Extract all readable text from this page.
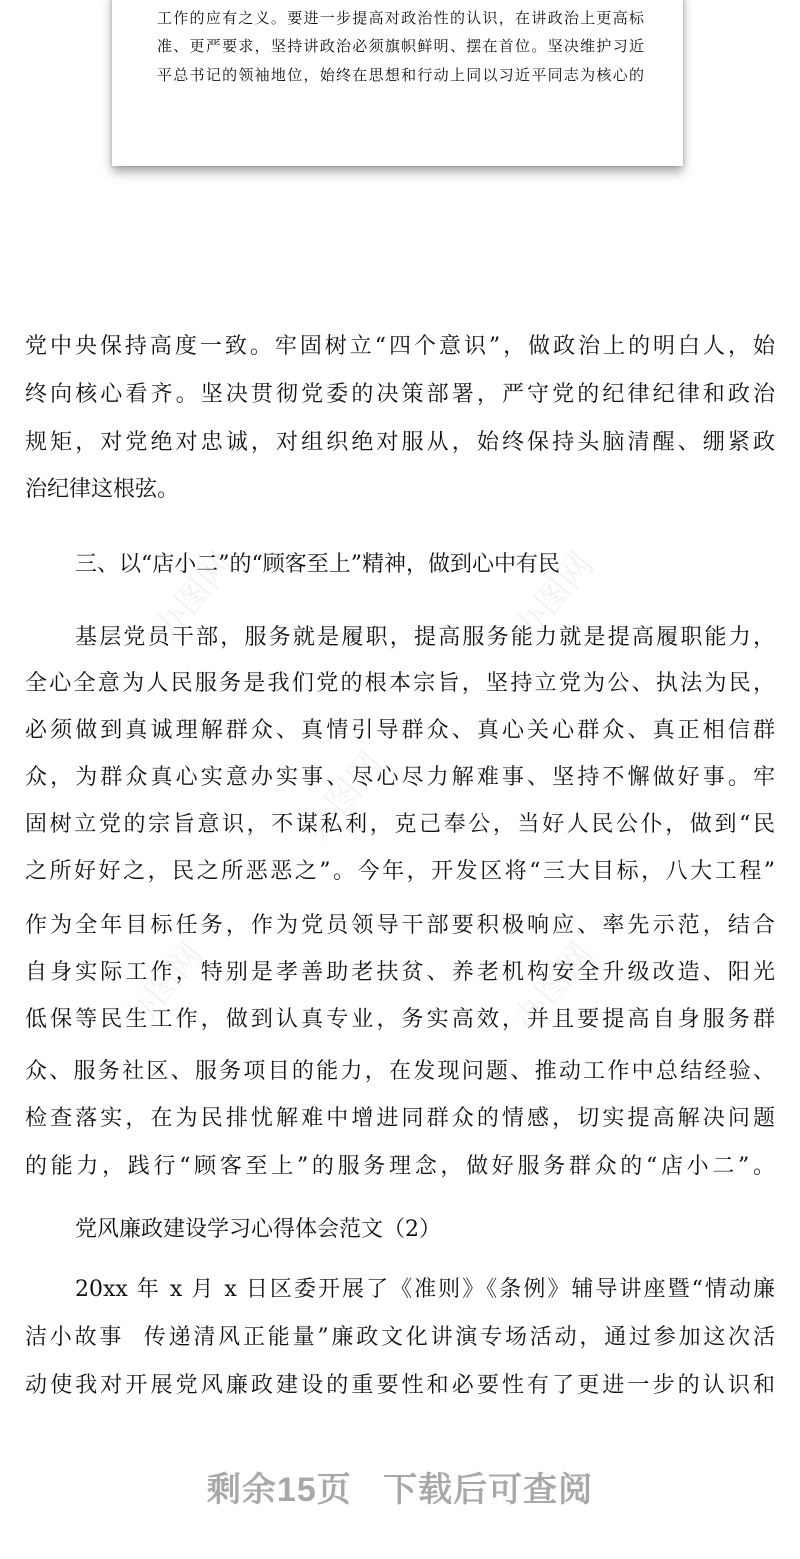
工作的应有之义。要进一步提高对政治性的认识，在讲政治上更高标
准、更严要求，坚持讲政治必须旗帜鲜明、摆在首位。坚决维护习近
平总书记的领袖地位，始终在思想和行动上同以习近平同志为核心的
办图网	办图网
办图网
办图网	办图网
党中央保持高度一致。牢固树立“四个意识”，做政治上的明白人，始
终向核心看齐。坚决贯彻党委的决策部署，严守党的纪律纪律和政治
规矩，对党绝对忠诚，对组织绝对服从，始终保持头脑清醒、绷紧政
治纪律这根弦。
三、以“店小二”的“顾客至上”精神，做到心中有民
基层党员干部，服务就是履职，提高服务能力就是提高履职能力，
全心全意为人民服务是我们党的根本宗旨，坚持立党为公、执法为民，
必须做到真诚理解群众、真情引导群众、真心关心群众、真正相信群
众，为群众真心实意办实事、尽心尽力解难事、坚持不懈做好事。牢
固树立党的宗旨意识，不谋私利，克己奉公，当好人民公仆，做到“民
之所好好之，民之所恶恶之”。今年，开发区将“三大目标，八大工程”
作为全年目标任务，作为党员领导干部要积极响应、率先示范，结合
自身实际工作，特别是孝善助老扶贫、养老机构安全升级改造、阳光
低保等民生工作，做到认真专业，务实高效，并且要提高自身服务群
众、服务社区、服务项目的能力，在发现问题、推动工作中总结经验、
检查落实，在为民排忧解难中增进同群众的情感，切实提高解决问题
的能力，践行“顾客至上”的服务理念，做好服务群众的“店小二”。
党风廉政建设学习心得体会范文（2）
20xx 年 x 月 x 日区委开展了《准则》《条例》辅导讲座暨“情动廉
洁小故事  传递清风正能量”廉政文化讲演专场活动，通过参加这次活
动使我对开展党风廉政建设的重要性和必要性有了更进一步的认识和
剩余15页   下载后可查阅
